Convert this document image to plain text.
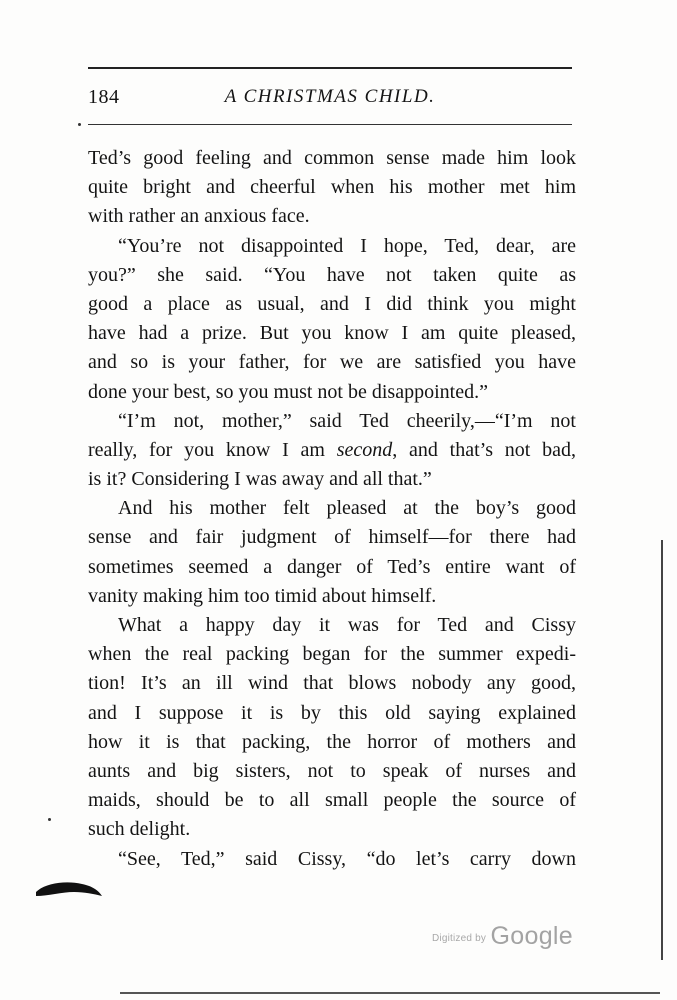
184	A CHRISTMAS CHILD.
Ted’s good feeling and common sense made him look
quite bright and cheerful when his mother met him
with rather an anxious face.
“You’re not disappointed I hope, Ted, dear, are
you?” she said. “You have not taken quite as
good a place as usual, and I did think you might
have had a prize. But you know I am quite pleased,
and so is your father, for we are satisfied you have
done your best, so you must not be disappointed.”
“I’m not, mother,” said Ted cheerily,—“I’m not
really, for you know I am second, and that’s not bad,
is it? Considering I was away and all that.”
And his mother felt pleased at the boy’s good
sense and fair judgment of himself—for there had
sometimes seemed a danger of Ted’s entire want of
vanity making him too timid about himself.
What a happy day it was for Ted and Cissy
when the real packing began for the summer expedi-
tion! It’s an ill wind that blows nobody any good,
and I suppose it is by this old saying explained
how it is that packing, the horror of mothers and
aunts and big sisters, not to speak of nurses and
maids, should be to all small people the source of
such delight.
“See, Ted,” said Cissy, “do let’s carry down
Digitized by Google
